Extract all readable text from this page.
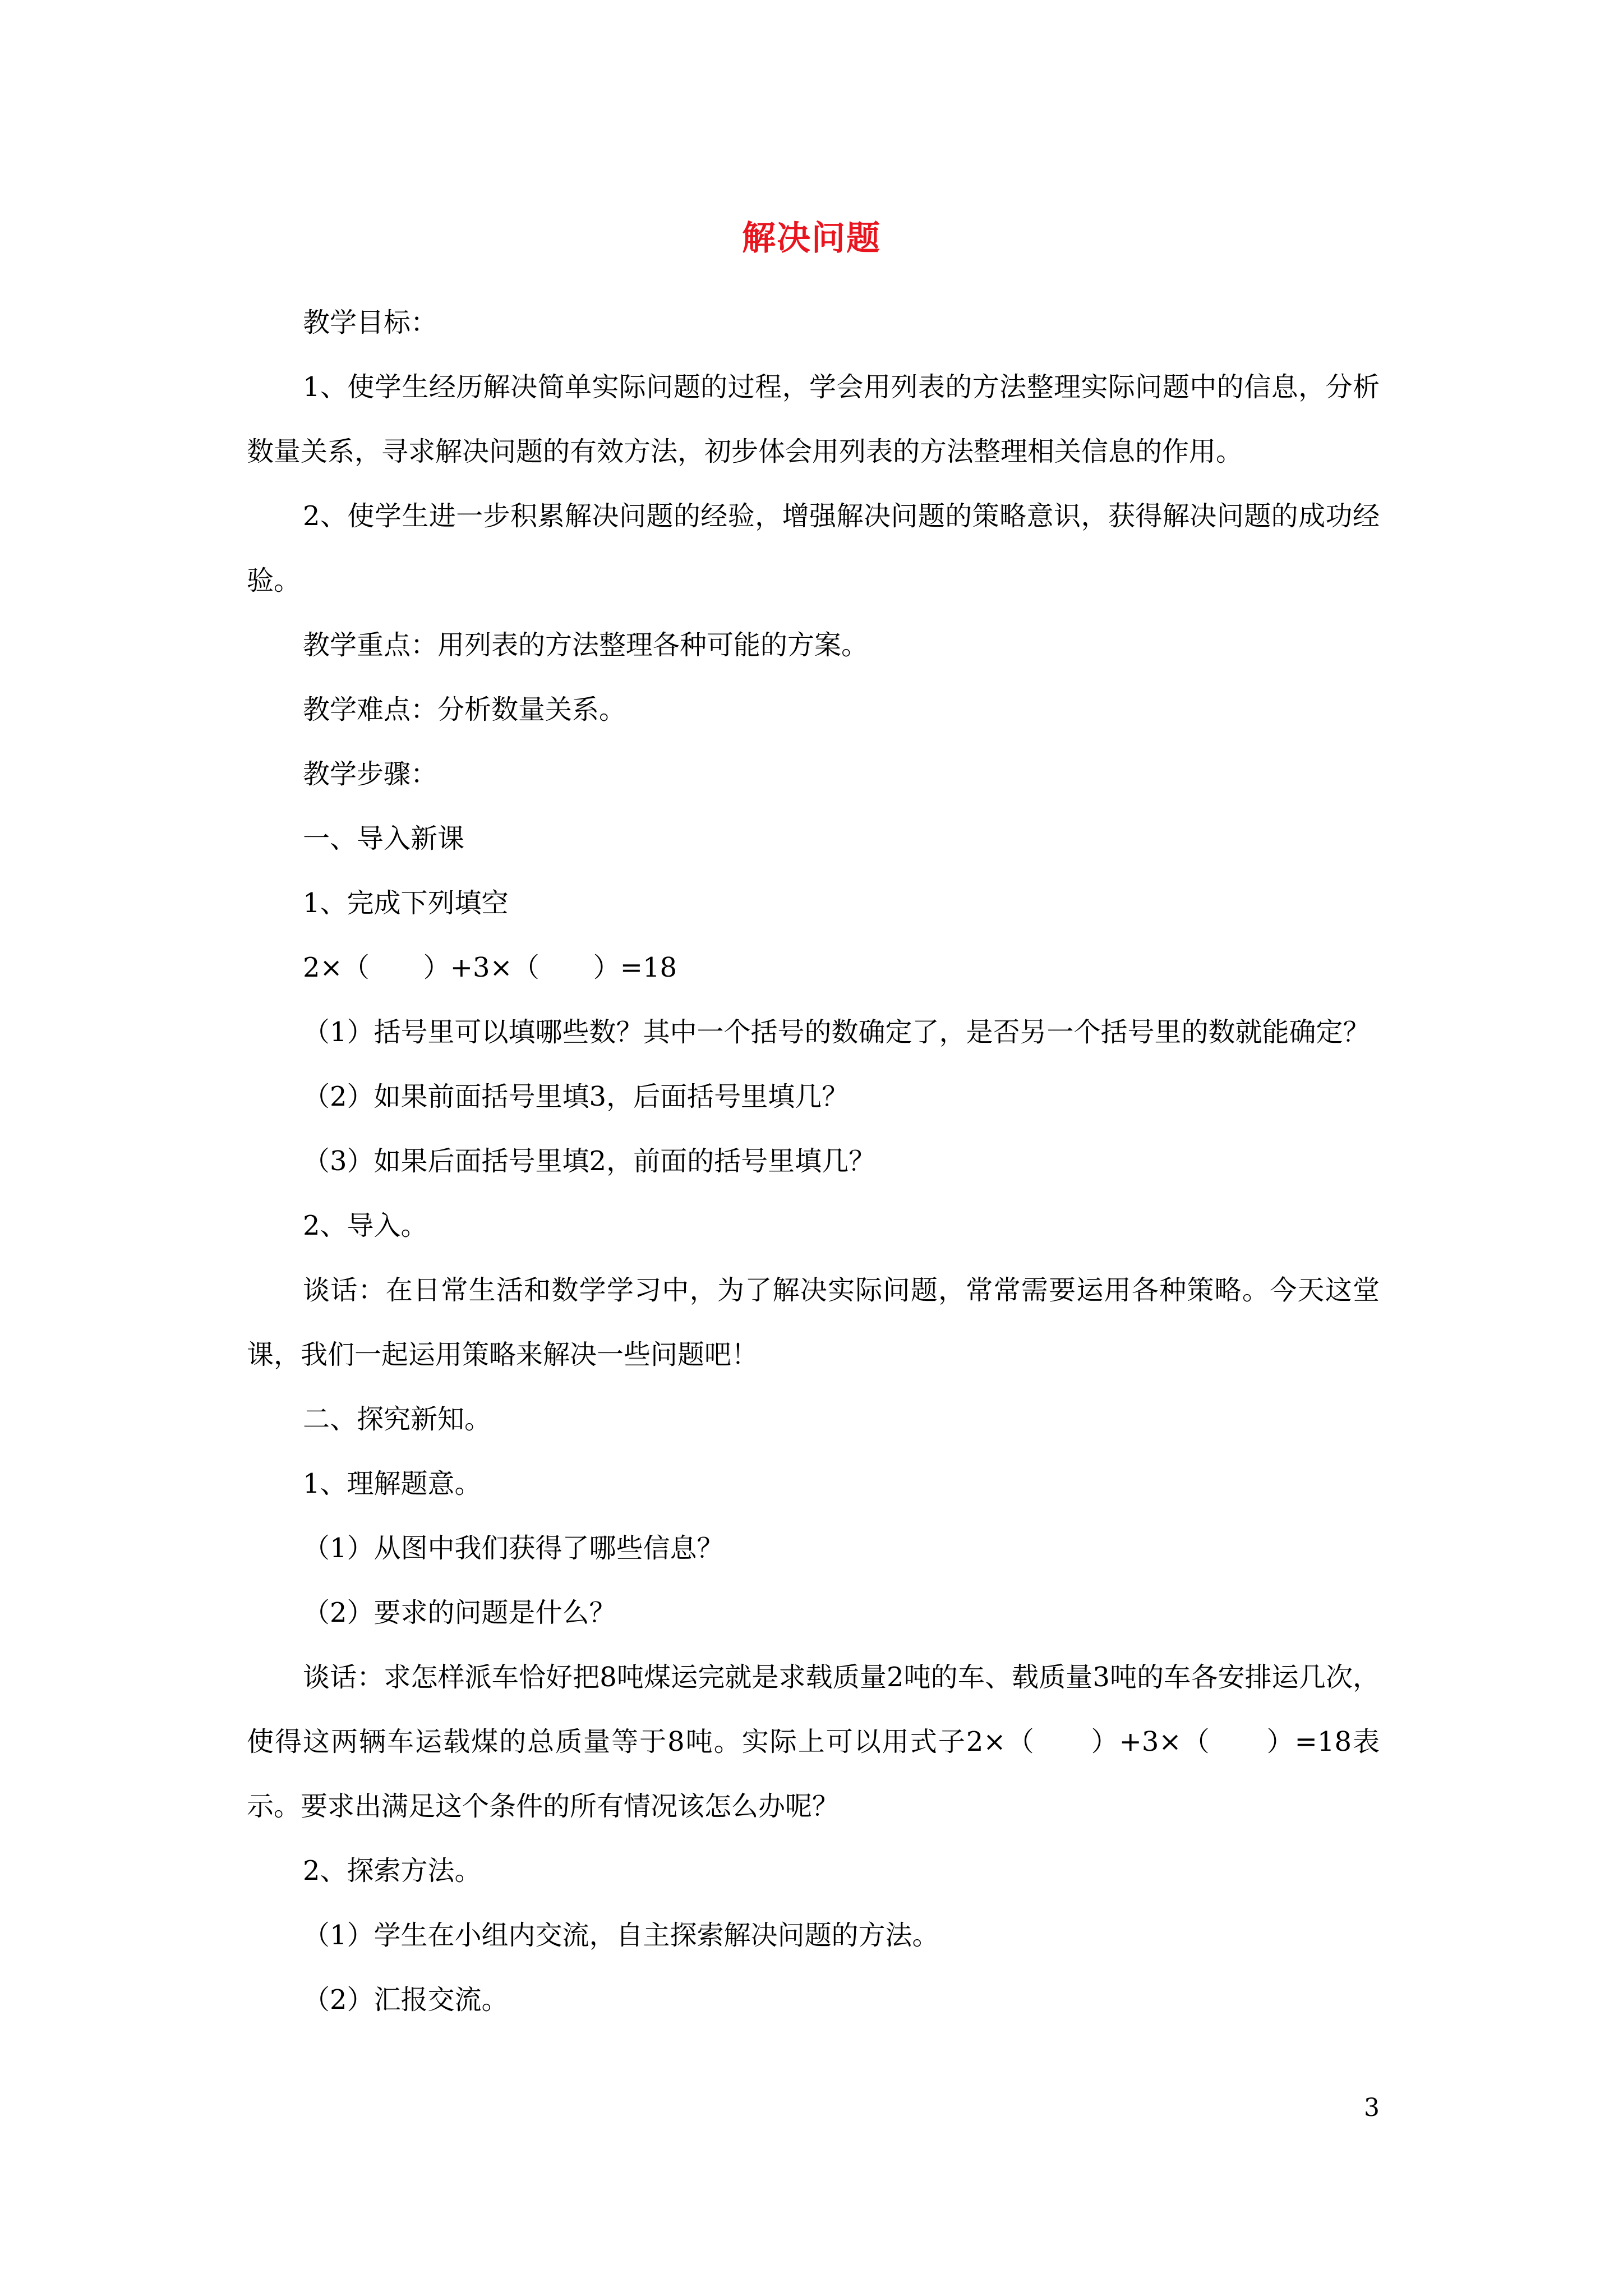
解决问题

教学目标：

1、使学生经历解决简单实际问题的过程，学会用列表的方法整理实际问题中的信息，分析数量关系，寻求解决问题的有效方法，初步体会用列表的方法整理相关信息的作用。

2、使学生进一步积累解决问题的经验，增强解决问题的策略意识，获得解决问题的成功经验。

教学重点：用列表的方法整理各种可能的方案。

教学难点：分析数量关系。

教学步骤：

一、导入新课

1、完成下列填空

2×（　　）+3×（　　）=18

（1）括号里可以填哪些数？其中一个括号的数确定了，是否另一个括号里的数就能确定？

（2）如果前面括号里填3，后面括号里填几？

（3）如果后面括号里填2，前面的括号里填几？

2、导入。

谈话：在日常生活和数学学习中，为了解决实际问题，常常需要运用各种策略。今天这堂课，我们一起运用策略来解决一些问题吧！

二、探究新知。

1、理解题意。

（1）从图中我们获得了哪些信息？

（2）要求的问题是什么？

谈话：求怎样派车恰好把8吨煤运完就是求载质量2吨的车、载质量3吨的车各安排运几次，使得这两辆车运载煤的总质量等于8吨。实际上可以用式子2×（　　）+3×（　　）=18表示。要求出满足这个条件的所有情况该怎么办呢？

2、探索方法。

（1）学生在小组内交流，自主探索解决问题的方法。

（2）汇报交流。

3
